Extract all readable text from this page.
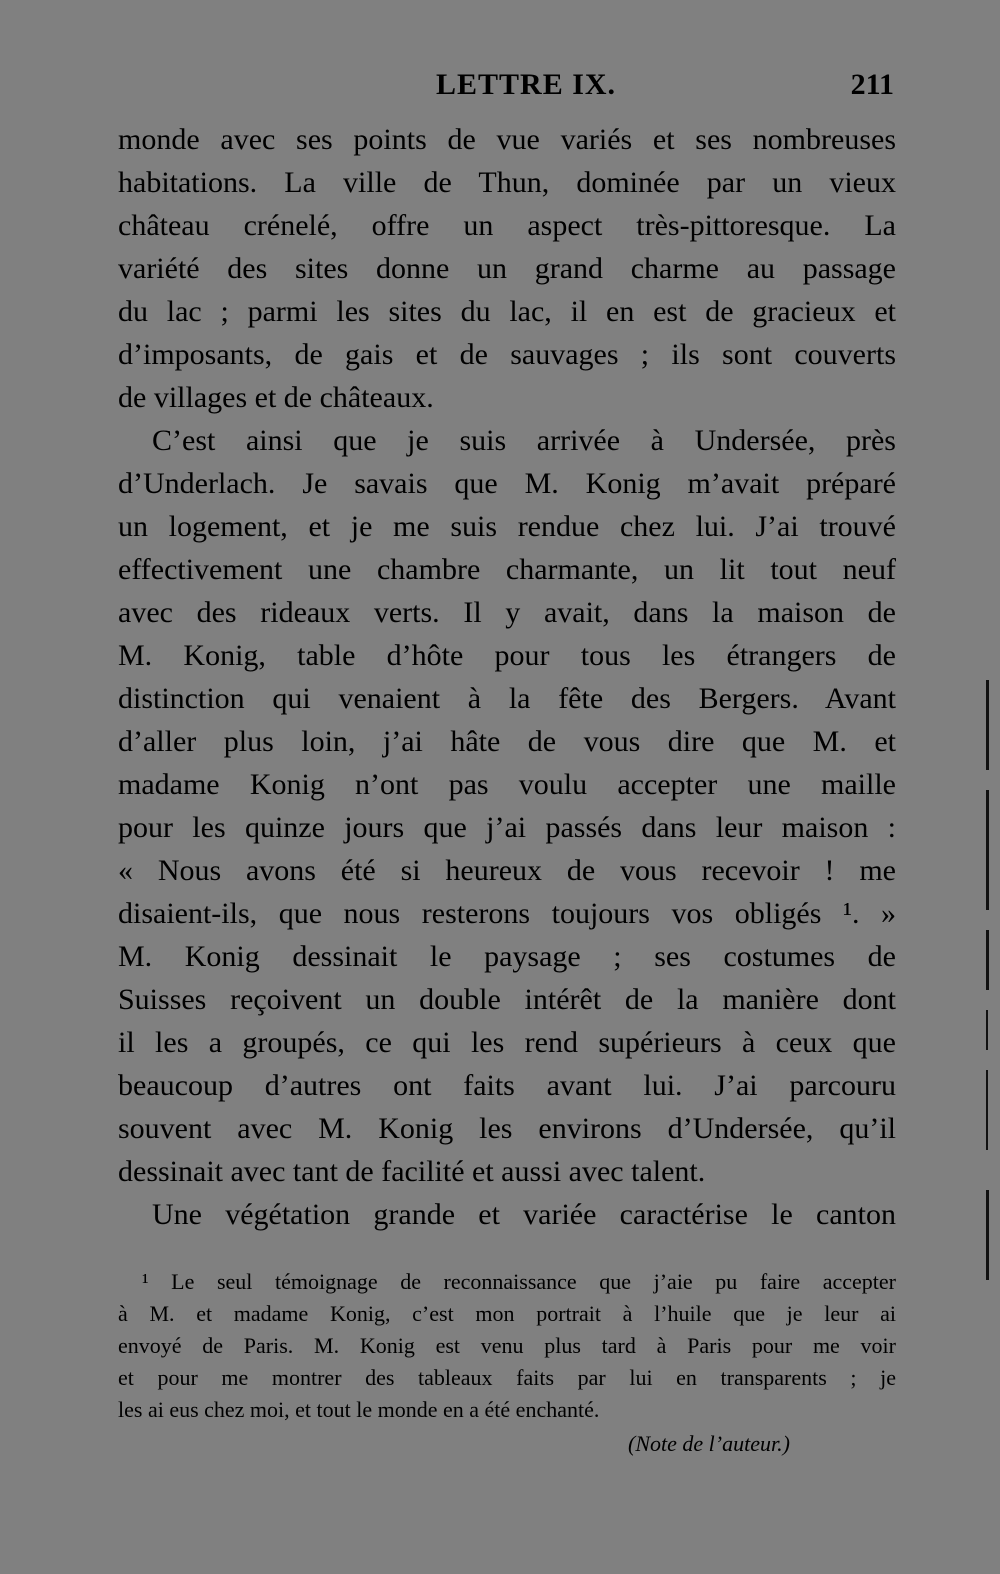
LETTRE IX.	211
monde avec ses points de vue variés et ses nombreuses
habitations. La ville de Thun, dominée par un vieux
château crénelé, offre un aspect très-pittoresque. La
variété des sites donne un grand charme au passage
du lac ; parmi les sites du lac, il en est de gracieux et
d’imposants, de gais et de sauvages ; ils sont couverts
de villages et de châteaux.
C’est ainsi que je suis arrivée à Undersée, près
d’Underlach. Je savais que M. Konig m’avait préparé
un logement, et je me suis rendue chez lui. J’ai trouvé
effectivement une chambre charmante, un lit tout neuf
avec des rideaux verts. Il y avait, dans la maison de
M. Konig, table d’hôte pour tous les étrangers de
distinction qui venaient à la fête des Bergers. Avant
d’aller plus loin, j’ai hâte de vous dire que M. et
madame Konig n’ont pas voulu accepter une maille
pour les quinze jours que j’ai passés dans leur maison :
« Nous avons été si heureux de vous recevoir ! me
disaient-ils, que nous resterons toujours vos obligés ¹. »
M. Konig dessinait le paysage ; ses costumes de
Suisses reçoivent un double intérêt de la manière dont
il les a groupés, ce qui les rend supérieurs à ceux que
beaucoup d’autres ont faits avant lui. J’ai parcouru
souvent avec M. Konig les environs d’Undersée, qu’il
dessinait avec tant de facilité et aussi avec talent.
Une végétation grande et variée caractérise le canton
¹ Le seul témoignage de reconnaissance que j’aie pu faire accepter
à M. et madame Konig, c’est mon portrait à l’huile que je leur ai
envoyé de Paris. M. Konig est venu plus tard à Paris pour me voir
et pour me montrer des tableaux faits par lui en transparents ; je
les ai eus chez moi, et tout le monde en a été enchanté.
(Note de l’auteur.)
